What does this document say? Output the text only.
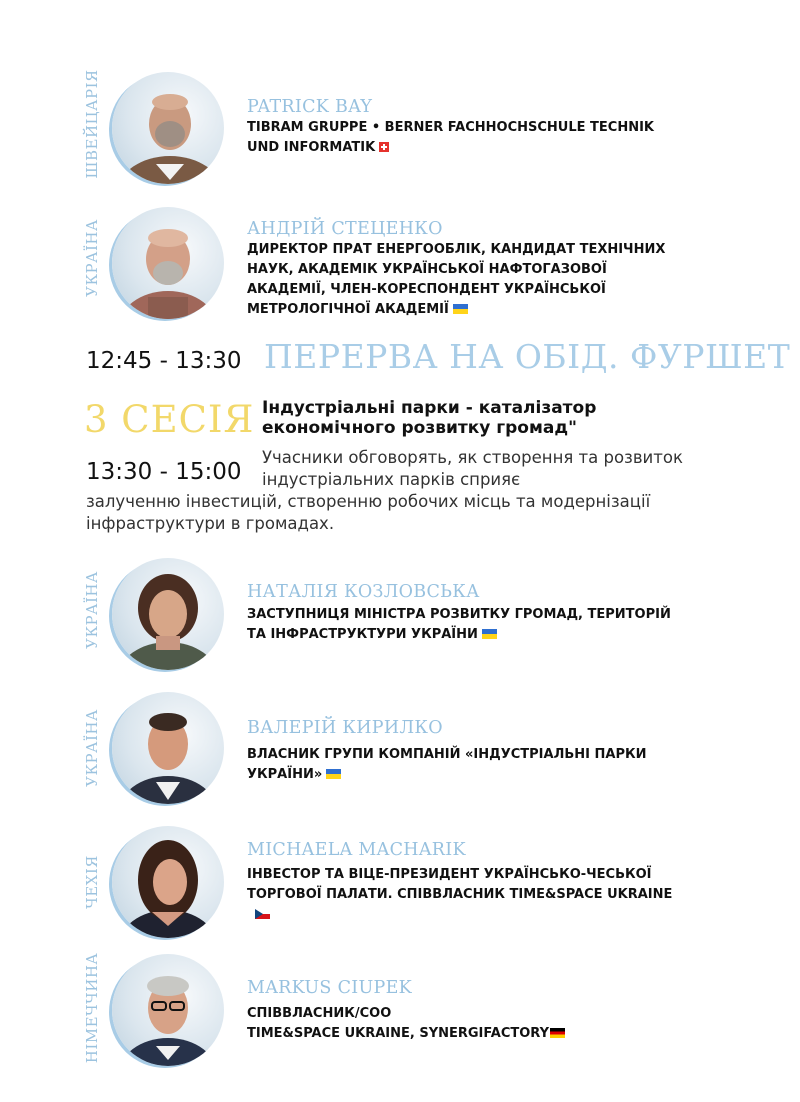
ШВЕЙЦАРІЯ	PATRICK BAY
TIBRAM GRUPPE • BERNER FACHHOCHSCHULE TECHNIK UND INFORMATIK
УКРАЇНА	АНДРІЙ СТЕЦЕНКО
ДИРЕКТОР ПРАТ ЕНЕРГООБЛІК, КАНДИДАТ ТЕХНІЧНИХ НАУК, АКАДЕМІК УКРАЇНСЬКОЇ НАФТОГАЗОВОЇ АКАДЕМІЇ, ЧЛЕН-КОРЕСПОНДЕНТ УКРАЇНСЬКОЇ МЕТРОЛОГІЧНОЇ АКАДЕМІЇ
12:45 - 13:30 ПЕРЕРВА НА ОБІД. ФУРШЕТ
3 СЕСІЯ Індустріальні парки - каталізатор економічного розвитку громад"
13:30 - 15:00
Учасники обговорять, як створення та розвиток індустріальних парків сприяє
залученню інвестицій, створенню робочих місць та модернізації інфраструктури в громадах.
УКРАЇНА	НАТАЛІЯ КОЗЛОВСЬКА
ЗАСТУПНИЦЯ МІНІСТРА РОЗВИТКУ ГРОМАД, ТЕРИТОРІЙ ТА ІНФРАСТРУКТУРИ УКРАЇНИ
УКРАЇНА	ВАЛЕРІЙ КИРИЛКО
ВЛАСНИК ГРУПИ КОМПАНІЙ «ІНДУСТРІАЛЬНІ ПАРКИ УКРАЇНИ»
ЧЕХІЯ
MICHAELA MACHARIK
ІНВЕСТОР ТА ВІЦЕ-ПРЕЗИДЕНТ УКРАЇНСЬКО-ЧЕСЬКОЇ ТОРГОВОЇ ПАЛАТИ. СПІВВЛАСНИК TIME&SPACE UKRAINE
НІМЕЧЧИНА	MARKUS CIUPEK
СПІВВЛАСНИК/COO
TIME&SPACE UKRAINE, SYNERGIFACTORY
